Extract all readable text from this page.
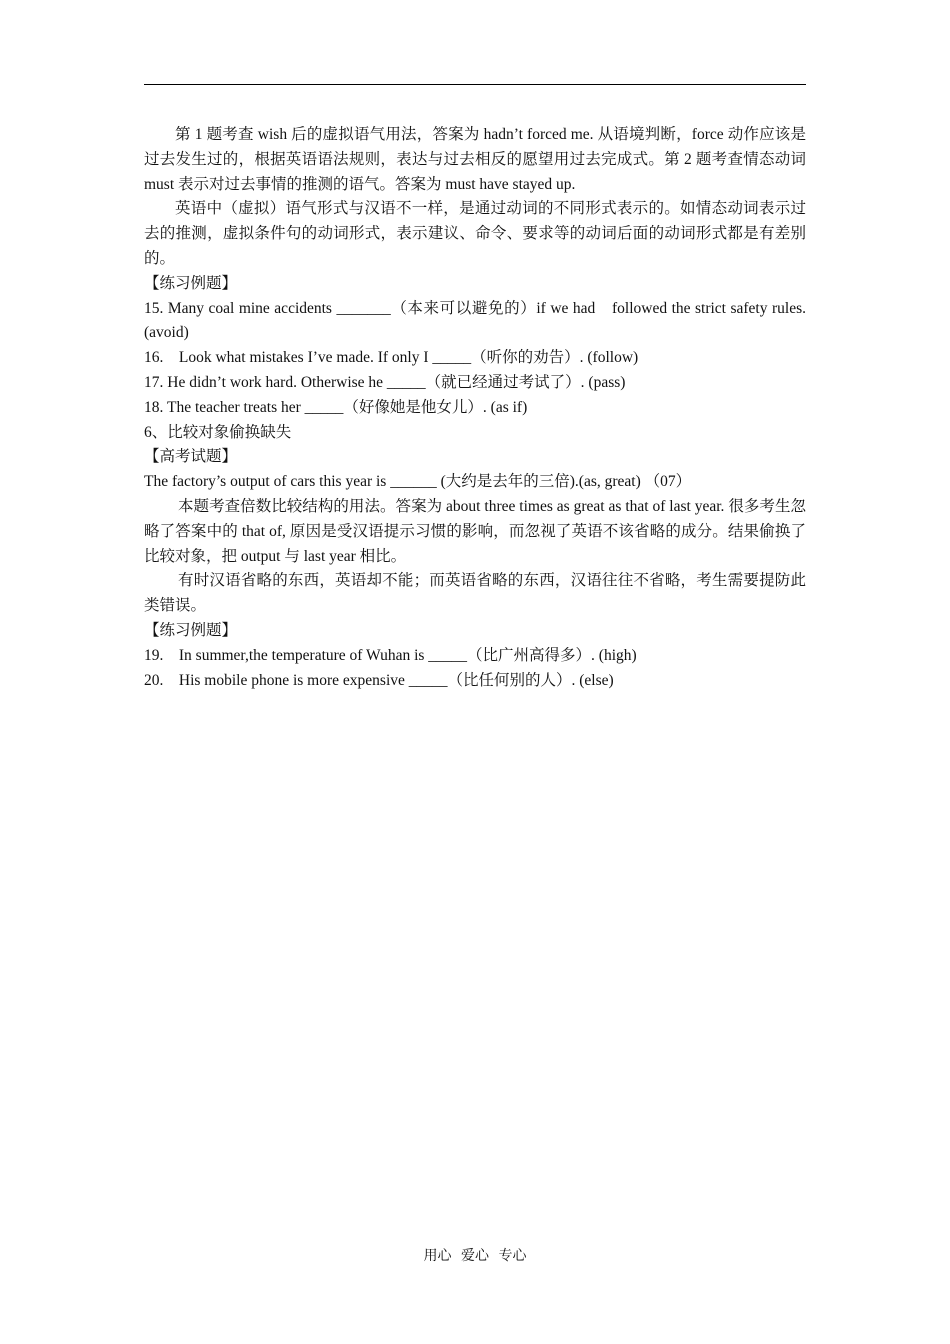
第 1 题考查 wish 后的虚拟语气用法，答案为 hadn’t forced me. 从语境判断，force 动作应该是过去发生过的，根据英语语法规则，表达与过去相反的愿望用过去完成式。第 2 题考查情态动词 must 表示对过去事情的推测的语气。答案为 must have stayed up.

英语中（虚拟）语气形式与汉语不一样，是通过动词的不同形式表示的。如情态动词表示过去的推测，虚拟条件句的动词形式，表示建议、命令、要求等的动词后面的动词形式都是有差别的。

【练习例题】

15. Many coal mine accidents _______（本来可以避免的）if we had　followed the strict safety rules. (avoid)

16.　Look what mistakes I’ve made. If only I _____（听你的劝告）. (follow)

17. He didn’t work hard. Otherwise he _____（就已经通过考试了）. (pass)

18. The teacher treats her _____（好像她是他女儿）. (as if)

6、比较对象偷换缺失

【高考试题】

The factory’s output of cars this year is ______ (大约是去年的三倍).(as, great) （07）

本题考查倍数比较结构的用法。答案为 about three times as great as that of last year. 很多考生忽略了答案中的 that of, 原因是受汉语提示习惯的影响，而忽视了英语不该省略的成分。结果偷换了比较对象，把 output 与 last year 相比。

有时汉语省略的东西，英语却不能；而英语省略的东西，汉语往往不省略，考生需要提防此类错误。

【练习例题】

19.　In summer,the temperature of Wuhan is _____（比广州高得多）. (high)

20.　His mobile phone is more expensive _____（比任何别的人）. (else)

用心 爱心 专心
